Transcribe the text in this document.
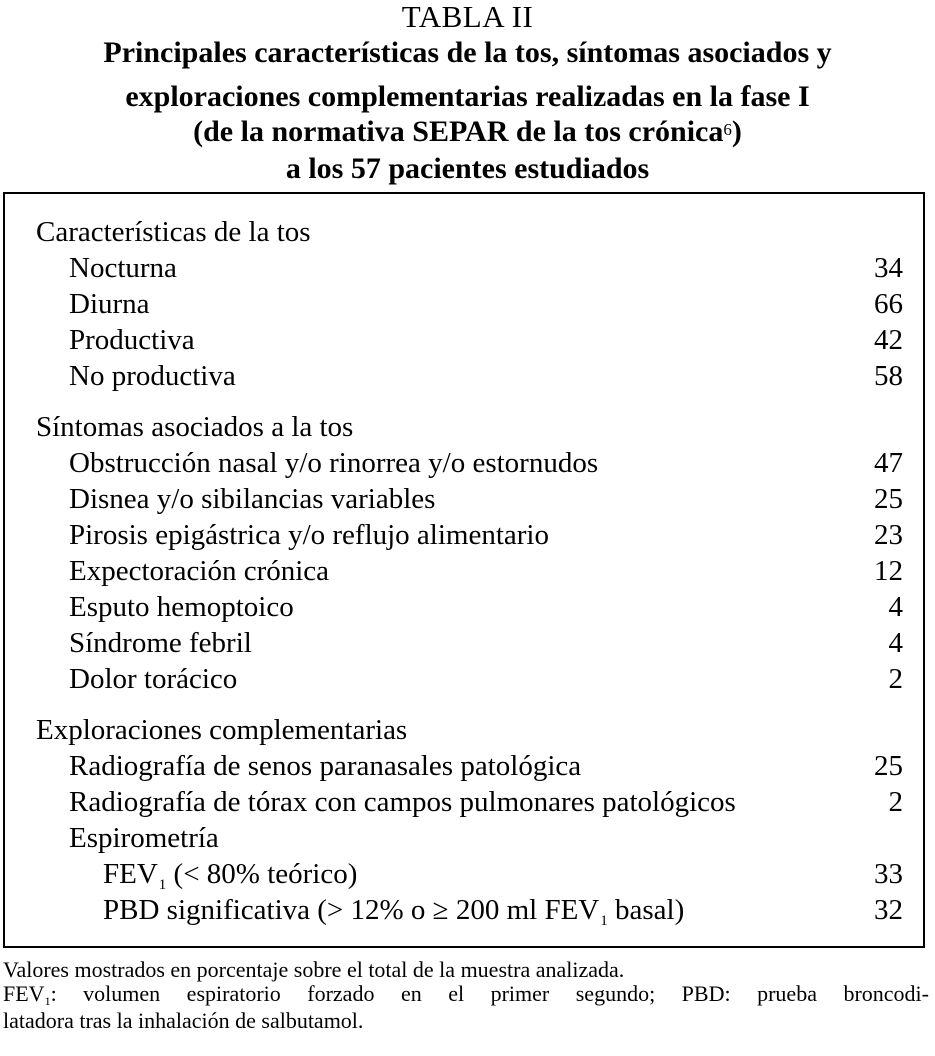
TABLA II
Principales características de la tos, síntomas asociados y
exploraciones complementarias realizadas en la fase I
(de la normativa SEPAR de la tos crónica$^6$)
a los 57 pacientes estudiados
Características de la tos
Nocturna	34
Diurna	66
Productiva	42
No productiva	58
Síntomas asociados a la tos
Obstrucción nasal y/o rinorrea y/o estornudos	47
Disnea y/o sibilancias variables	25
Pirosis epigástrica y/o reflujo alimentario	23
Expectoración crónica	12
Esputo hemoptoico	4
Síndrome febril	4
Dolor torácico	2
Exploraciones complementarias
Radiografía de senos paranasales patológica	25
Radiografía de tórax con campos pulmonares patológicos	2
Espirometría
$FEV_1$ (< 80% teórico)	33
PBD significativa (> 12% o ≥ 200 ml $FEV_1$ basal)	32
Valores mostrados en porcentaje sobre el total de la muestra analizada.
$FEV_1$: volumen espiratorio forzado en el primer segundo; PBD: prueba broncodi-
latadora tras la inhalación de salbutamol.
